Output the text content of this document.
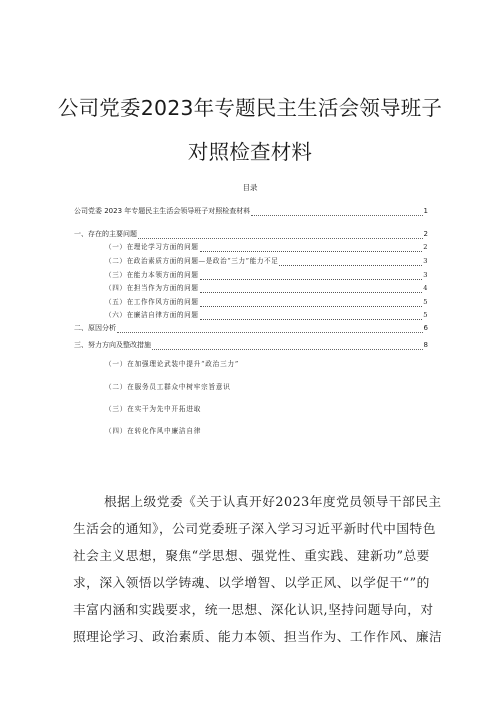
公司党委2023年专题民主生活会领导班子
对照检查材料
目录
公司党委 2023 年专题民主生活会领导班子对照检查材料	1
一、存在的主要问题	2
（一）在理论学习方面的问题	2
（二）在政治素质方面的问题—是政治“三力”能力不足	3
（三）在能力本领方面的问题	3
（四）在担当作为方面的问题	4
（五）在工作作风方面的问题	5
（六）在廉洁自律方面的问题	5
二、原因分析	6
三、努力方向及整改措施	8
（一）在加强理论武装中提升“政治三力”
（二）在服务员工群众中树牢宗旨意识
（三）在实干为先中开拓进取
（四）在转化作风中廉洁自律
根据上级党委《关于认真开好2023年度党员领导干部民主
生活会的通知》，公司党委班子深入学习习近平新时代中国特色
社会主义思想，聚焦“学思想、强党性、重实践、建新功”总要
求，深入领悟以学铸魂、以学增智、以学正风、以学促干“”的
丰富内涵和实践要求，统一思想、深化认识,坚持问题导向，对
照理论学习、政治素质、能力本领、担当作为、工作作风、廉洁
